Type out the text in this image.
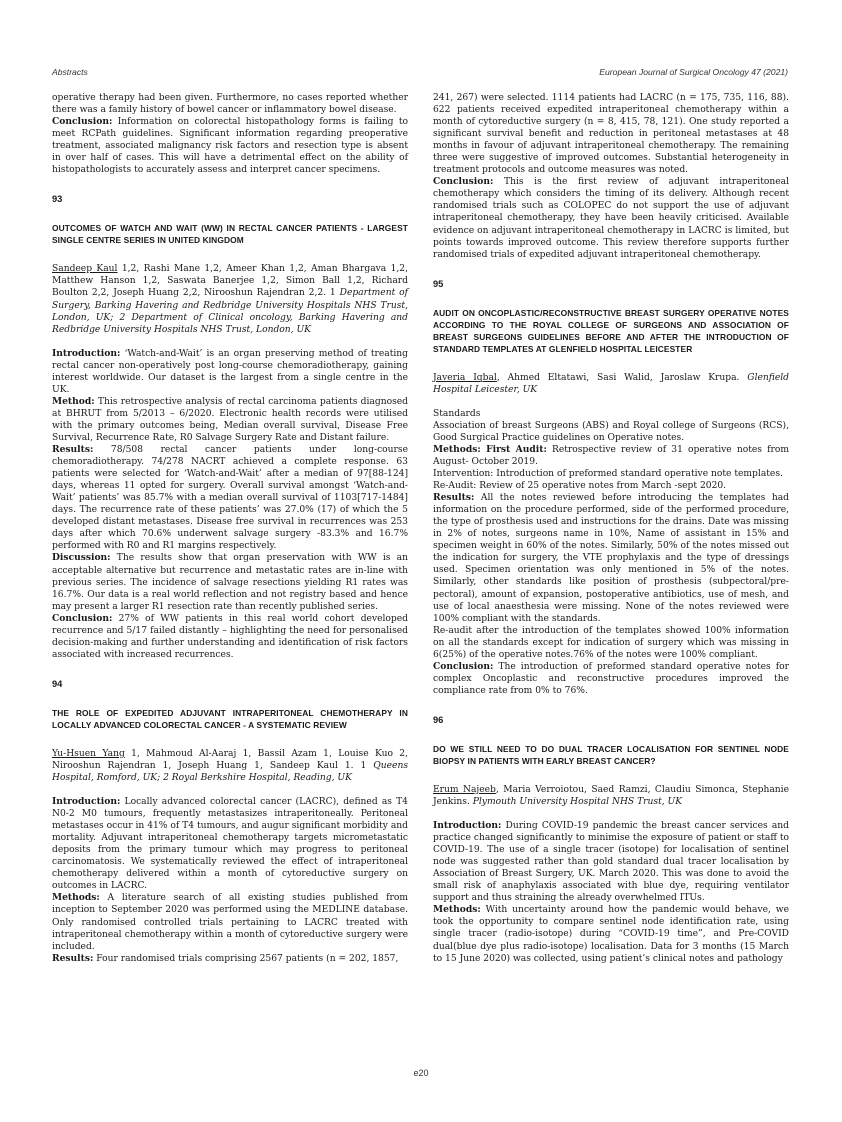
Abstracts	European Journal of Surgical Oncology 47 (2021)

operative therapy had been given. Furthermore, no cases reported whether there was a family history of bowel cancer or inflammatory bowel disease.

Conclusion: Information on colorectal histopathology forms is failing to meet RCPath guidelines. Significant information regarding preoperative treatment, associated malignancy risk factors and resection type is absent in over half of cases. This will have a detrimental effect on the ability of histopathologists to accurately assess and interpret cancer specimens.

93

OUTCOMES OF WATCH AND WAIT (WW) IN RECTAL CANCER PATIENTS - LARGEST SINGLE CENTRE SERIES IN UNITED KINGDOM

Sandeep Kaul 1,2, Rashi Mane 1,2, Ameer Khan 1,2, Aman Bhargava 1,2, Matthew Hanson 1,2, Saswata Banerjee 1,2, Simon Ball 1,2, Richard Boulton 2,2, Joseph Huang 2,2, Nirooshun Rajendran 2,2. 1 Department of Surgery, Barking Havering and Redbridge University Hospitals NHS Trust, London, UK; 2 Department of Clinical oncology, Barking Havering and Redbridge University Hospitals NHS Trust, London, UK

Introduction: ‘Watch-and-Wait’ is an organ preserving method of treating rectal cancer non-operatively post long-course chemoradiotherapy, gaining interest worldwide. Our dataset is the largest from a single centre in the UK.

Method: This retrospective analysis of rectal carcinoma patients diagnosed at BHRUT from 5/2013 – 6/2020. Electronic health records were utilised with the primary outcomes being, Median overall survival, Disease Free Survival, Recurrence Rate, R0 Salvage Surgery Rate and Distant failure.

Results: 78/508 rectal cancer patients under long-course chemoradiotherapy. 74/278 NACRT achieved a complete response. 63 patients were selected for ‘Watch-and-Wait’ after a median of 97[88-124] days, whereas 11 opted for surgery. Overall survival amongst ‘Watch-and-Wait’ patients’ was 85.7% with a median overall survival of 1103[717-1484] days. The recurrence rate of these patients’ was 27.0% (17) of which the 5 developed distant metastases. Disease free survival in recurrences was 253 days after which 70.6% underwent salvage surgery -83.3% and 16.7% performed with R0 and R1 margins respectively.

Discussion: The results show that organ preservation with WW is an acceptable alternative but recurrence and metastatic rates are in-line with previous series. The incidence of salvage resections yielding R1 rates was 16.7%. Our data is a real world reflection and not registry based and hence may present a larger R1 resection rate than recently published series.

Conclusion: 27% of WW patients in this real world cohort developed recurrence and 5/17 failed distantly – highlighting the need for personalised decision-making and further understanding and identification of risk factors associated with increased recurrences.

94

THE ROLE OF EXPEDITED ADJUVANT INTRAPERITONEAL CHEMOTHERAPY IN LOCALLY ADVANCED COLORECTAL CANCER - A SYSTEMATIC REVIEW

Yu-Hsuen Yang 1, Mahmoud Al-Aaraj 1, Bassil Azam 1, Louise Kuo 2, Nirooshun Rajendran 1, Joseph Huang 1, Sandeep Kaul 1. 1 Queens Hospital, Romford, UK; 2 Royal Berkshire Hospital, Reading, UK

Introduction: Locally advanced colorectal cancer (LACRC), defined as T4 N0-2 M0 tumours, frequently metastasizes intraperitoneally. Peritoneal metastases occur in 41% of T4 tumours, and augur significant morbidity and mortality. Adjuvant intraperitoneal chemotherapy targets micrometastatic deposits from the primary tumour which may progress to peritoneal carcinomatosis. We systematically reviewed the effect of intraperitoneal chemotherapy delivered within a month of cytoreductive surgery on outcomes in LACRC.

Methods: A literature search of all existing studies published from inception to September 2020 was performed using the MEDLINE database. Only randomised controlled trials pertaining to LACRC treated with intraperitoneal chemotherapy within a month of cytoreductive surgery were included.

Results: Four randomised trials comprising 2567 patients (n = 202, 1857,

241, 267) were selected. 1114 patients had LACRC (n = 175, 735, 116, 88). 622 patients received expedited intraperitoneal chemotherapy within a month of cytoreductive surgery (n = 8, 415, 78, 121). One study reported a significant survival benefit and reduction in peritoneal metastases at 48 months in favour of adjuvant intraperitoneal chemotherapy. The remaining three were suggestive of improved outcomes. Substantial heterogeneity in treatment protocols and outcome measures was noted.

Conclusion: This is the first review of adjuvant intraperitoneal chemotherapy which considers the timing of its delivery. Although recent randomised trials such as COLOPEC do not support the use of adjuvant intraperitoneal chemotherapy, they have been heavily criticised. Available evidence on adjuvant intraperitoneal chemotherapy in LACRC is limited, but points towards improved outcome. This review therefore supports further randomised trials of expedited adjuvant intraperitoneal chemotherapy.

95

AUDIT ON ONCOPLASTIC/RECONSTRUCTIVE BREAST SURGERY OPERATIVE NOTES ACCORDING TO THE ROYAL COLLEGE OF SURGEONS AND ASSOCIATION OF BREAST SURGEONS GUIDELINES BEFORE AND AFTER THE INTRODUCTION OF STANDARD TEMPLATES AT GLENFIELD HOSPITAL LEICESTER

Javeria Iqbal, Ahmed Eltatawi, Sasi Walid, Jaroslaw Krupa. Glenfield Hospital Leicester, UK

Standards

Association of breast Surgeons (ABS) and Royal college of Surgeons (RCS), Good Surgical Practice guidelines on Operative notes.

Methods: First Audit: Retrospective review of 31 operative notes from August- October 2019.

Intervention: Introduction of preformed standard operative note templates.

Re-Audit: Review of 25 operative notes from March -sept 2020.

Results: All the notes reviewed before introducing the templates had information on the procedure performed, side of the performed procedure, the type of prosthesis used and instructions for the drains. Date was missing in 2% of notes, surgeons name in 10%, Name of assistant in 15% and specimen weight in 60% of the notes. Similarly, 50% of the notes missed out the indication for surgery, the VTE prophylaxis and the type of dressings used. Specimen orientation was only mentioned in 5% of the notes. Similarly, other standards like position of prosthesis (subpectoral/pre- pectoral), amount of expansion, postoperative antibiotics, use of mesh, and use of local anaesthesia were missing. None of the notes reviewed were 100% compliant with the standards.

Re-audit after the introduction of the templates showed 100% information on all the standards except for indication of surgery which was missing in 6(25%) of the operative notes.76% of the notes were 100% compliant.

Conclusion: The introduction of preformed standard operative notes for complex Oncoplastic and reconstructive procedures improved the compliance rate from 0% to 76%.

96

DO WE STILL NEED TO DO DUAL TRACER LOCALISATION FOR SENTINEL NODE BIOPSY IN PATIENTS WITH EARLY BREAST CANCER?

Erum Najeeb, Maria Verroiotou, Saed Ramzi, Claudiu Simonca, Stephanie Jenkins. Plymouth University Hospital NHS Trust, UK

Introduction: During COVID-19 pandemic the breast cancer services and practice changed significantly to minimise the exposure of patient or staff to COVID-19. The use of a single tracer (isotope) for localisation of sentinel node was suggested rather than gold standard dual tracer localisation by Association of Breast Surgery, UK. March 2020. This was done to avoid the small risk of anaphylaxis associated with blue dye, requiring ventilator support and thus straining the already overwhelmed ITUs.

Methods: With uncertainty around how the pandemic would behave, we took the opportunity to compare sentinel node identification rate, using single tracer (radio-isotope) during “COVID-19 time”, and Pre-COVID dual(blue dye plus radio-isotope) localisation. Data for 3 months (15 March to 15 June 2020) was collected, using patient’s clinical notes and pathology

e20
